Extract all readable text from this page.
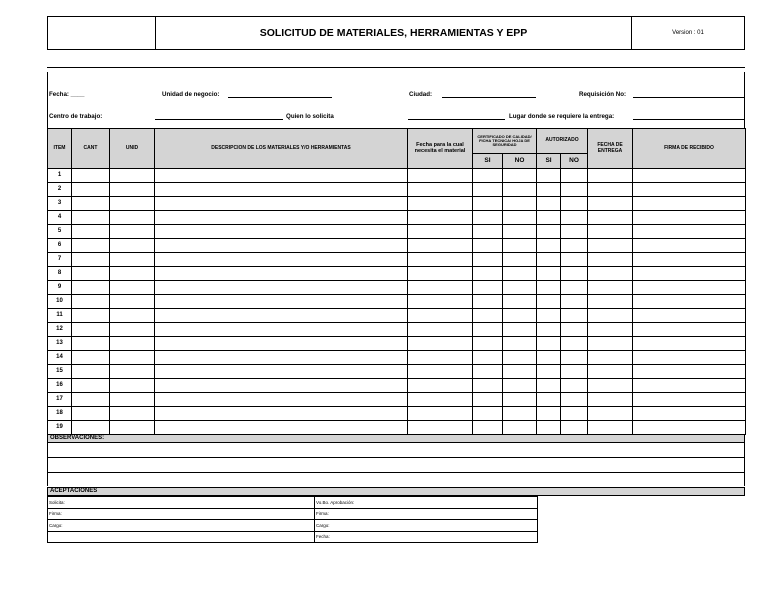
SOLICITUD DE MATERIALES, HERRAMIENTAS Y EPP	Version : 01
Fecha: ____	Unidad de negocio:	Ciudad:	Requisición No:
Centro de trabajo:	Quien lo solicita	Lugar donde se requiere la entrega:
ITEM	CANT	UNID	DESCRIPCION DE LOS MATERIALES Y/O HERRAMIENTAS	Fecha para la cual necesita el material	CERTIFICADO DE CALIDAD/ FICHA TECNICA/ HOJA DE SEGURIDAD		AUTORIZADO		FECHA DE ENTREGA	FIRMA DE RECIBIDO
					SI	NO	SI	NO		
1										
2										
3										
4										
5										
6										
7										
8										
9										
10										
11										
12										
13										
14										
15										
16										
17										
18										
19										
OBSERVACIONES:
ACEPTACIONES
Solicita:	Vo.Bo. Aprobación:
Firma:	Firma:
Cargo:	Cargo:
	Fecha:
